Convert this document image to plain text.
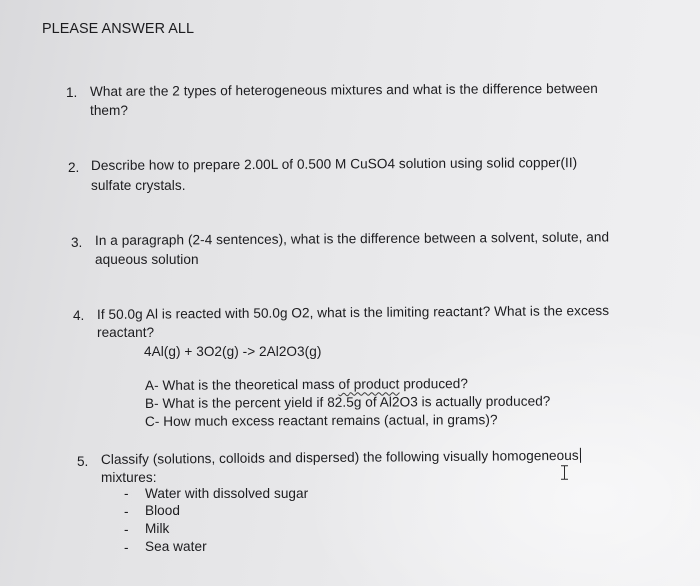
PLEASE ANSWER ALL
1. What are the 2 types of heterogeneous mixtures and what is the difference between
them?
2. Describe how to prepare 2.00L of 0.500 M CuSO4 solution using solid copper(II)
sulfate crystals.
3. In a paragraph (2-4 sentences), what is the difference between a solvent, solute, and
aqueous solution
4. If 50.0g Al is reacted with 50.0g O2, what is the limiting reactant? What is the excess
reactant?
4Al(g) + 3O2(g) -> 2Al2O3(g)
A- What is the theoretical mass of product produced?
B- What is the percent yield if 82.5g of Al2O3 is actually produced?
C- How much excess reactant remains (actual, in grams)?
5. Classify (solutions, colloids and dispersed) the following visually homogeneous
mixtures:
- Water with dissolved sugar
- Blood
- Milk
- Sea water
